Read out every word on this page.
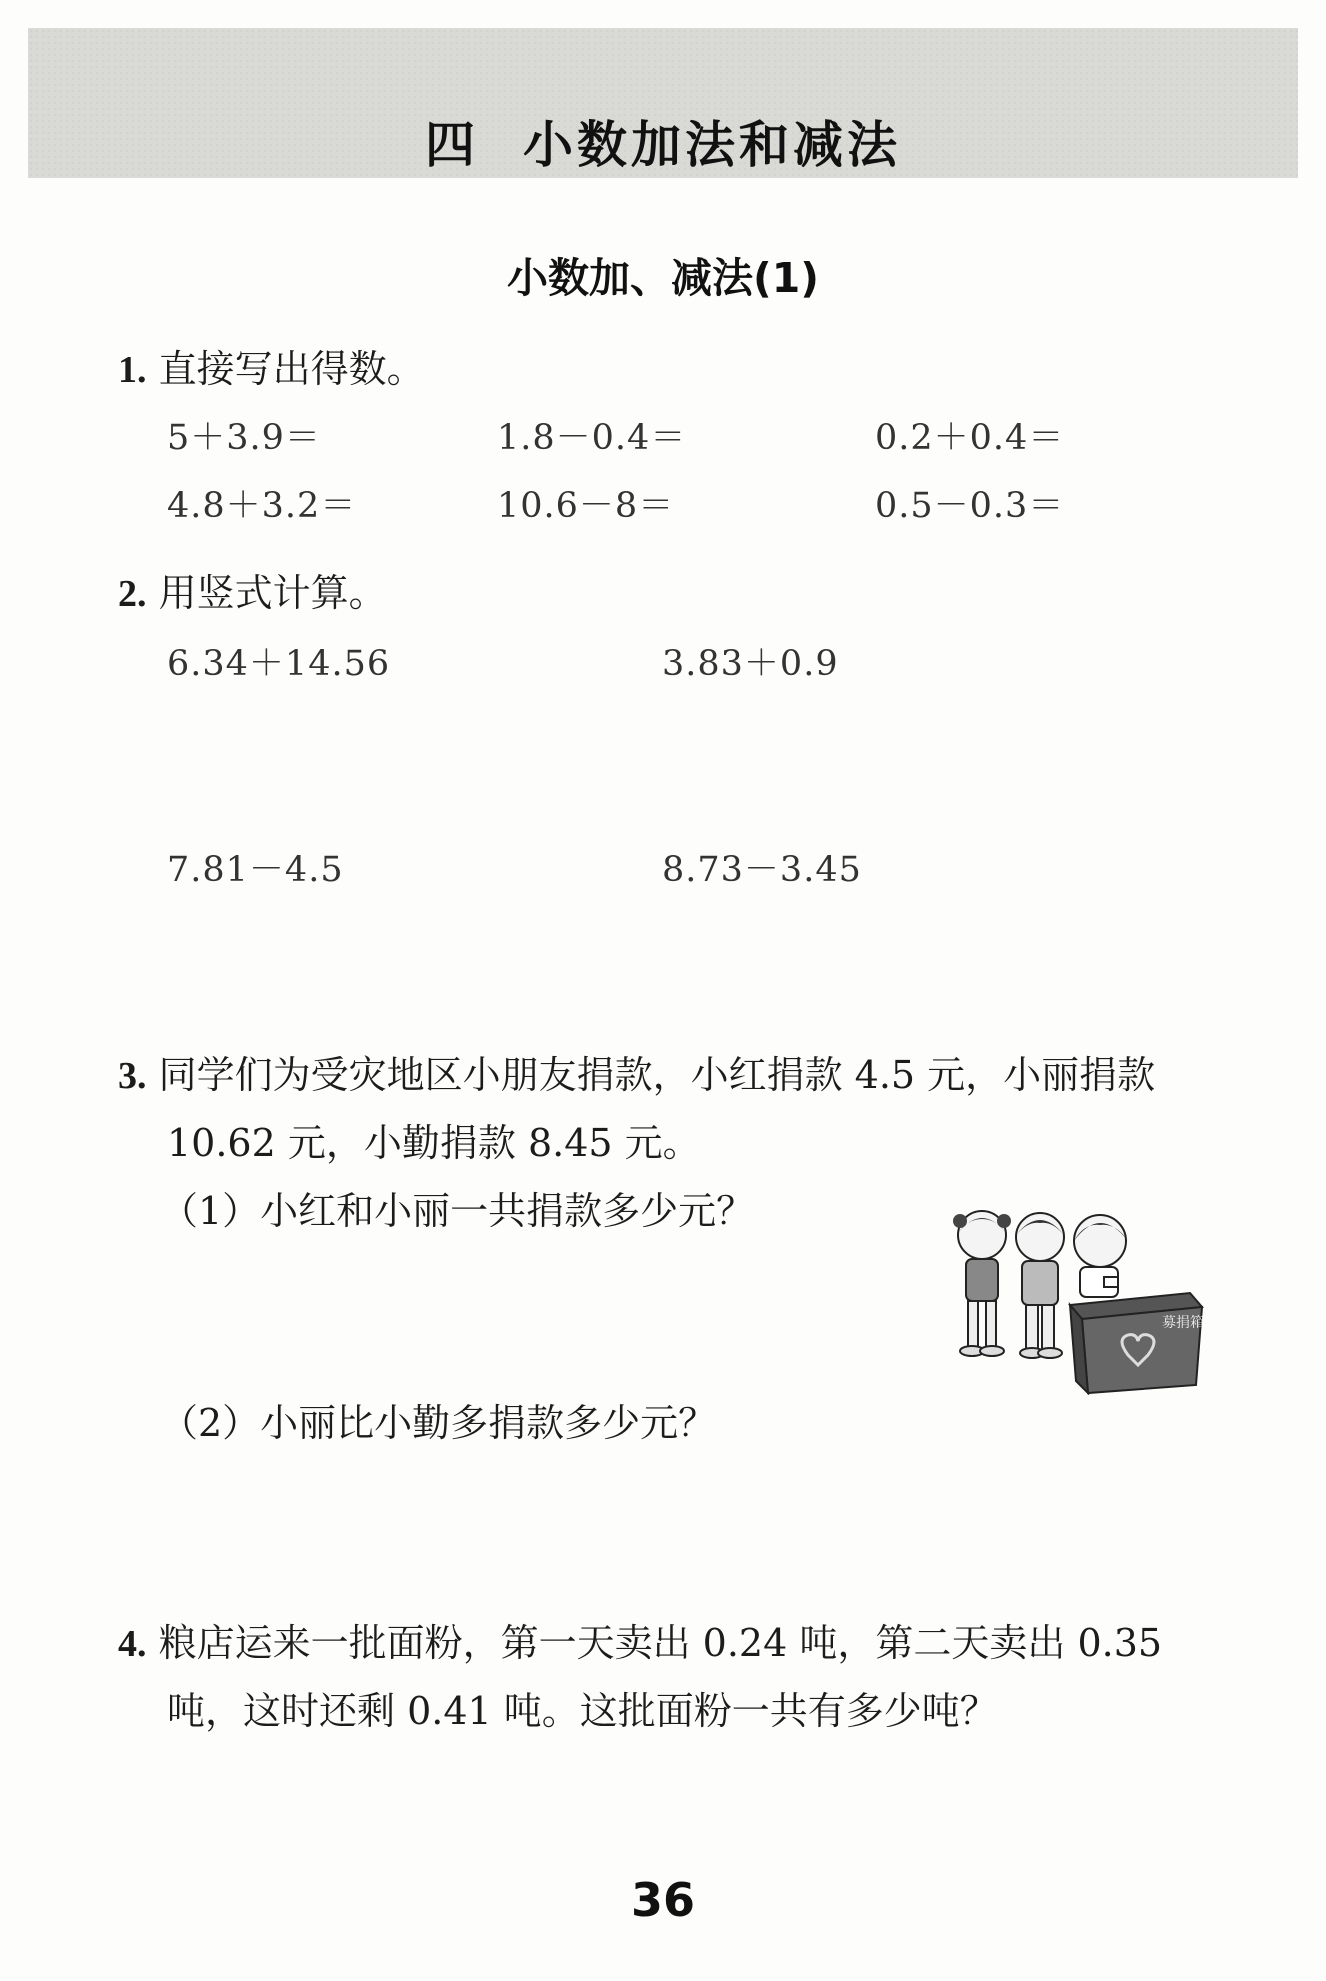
四 小数加法和减法
小数加、减法(1)
1. 直接写出得数。
5＋3.9＝	1.8－0.4＝	0.2＋0.4＝
4.8＋3.2＝	10.6－8＝	0.5－0.3＝
2. 用竖式计算。
6.34＋14.56	3.83＋0.9
7.81－4.5	8.73－3.45
3. 同学们为受灾地区小朋友捐款，小红捐款 4.5 元，小丽捐款
10.62 元，小勤捐款 8.45 元。
（1）小红和小丽一共捐款多少元？
（2）小丽比小勤多捐款多少元？
募捐箱
4. 粮店运来一批面粉，第一天卖出 0.24 吨，第二天卖出 0.35
吨，这时还剩 0.41 吨。这批面粉一共有多少吨？
36
